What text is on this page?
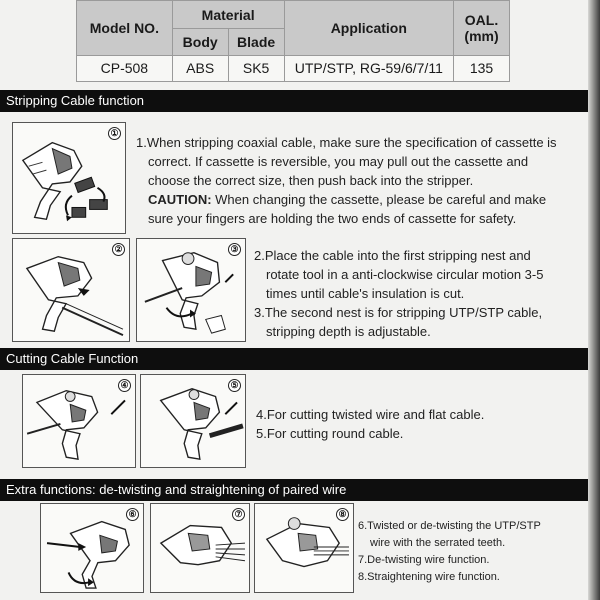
Model NO.	Material		Application	OAL.
(mm)
	Body	Blade		
CP-508	ABS	SK5	UTP/STP, RG-59/6/7/11	135
Stripping Cable function
①
1.When stripping coaxial cable, make sure the specification of cassette is
correct. If cassette is reversible, you may pull out the cassette and
choose the correct size, then push back into the stripper.
CAUTION: When changing the cassette, please be careful and make
sure your fingers are holding the two ends of cassette for safety.
②	③ 2.Place the cable into the first stripping nest and
rotate tool in a anti-clockwise circular motion 3-5
times until cable's insulation is cut.
3.The second nest is for stripping UTP/STP cable,
stripping depth is adjustable.
Cutting Cable Function
④	⑤
4.For cutting twisted wire and flat cable.
5.For cutting round cable.
Extra functions: de-twisting and straightening of paired wire
⑥	⑦	⑧
6.Twisted or de-twisting the UTP/STP
wire with the serrated teeth.
7.De-twisting wire function.
8.Straightening wire function.
